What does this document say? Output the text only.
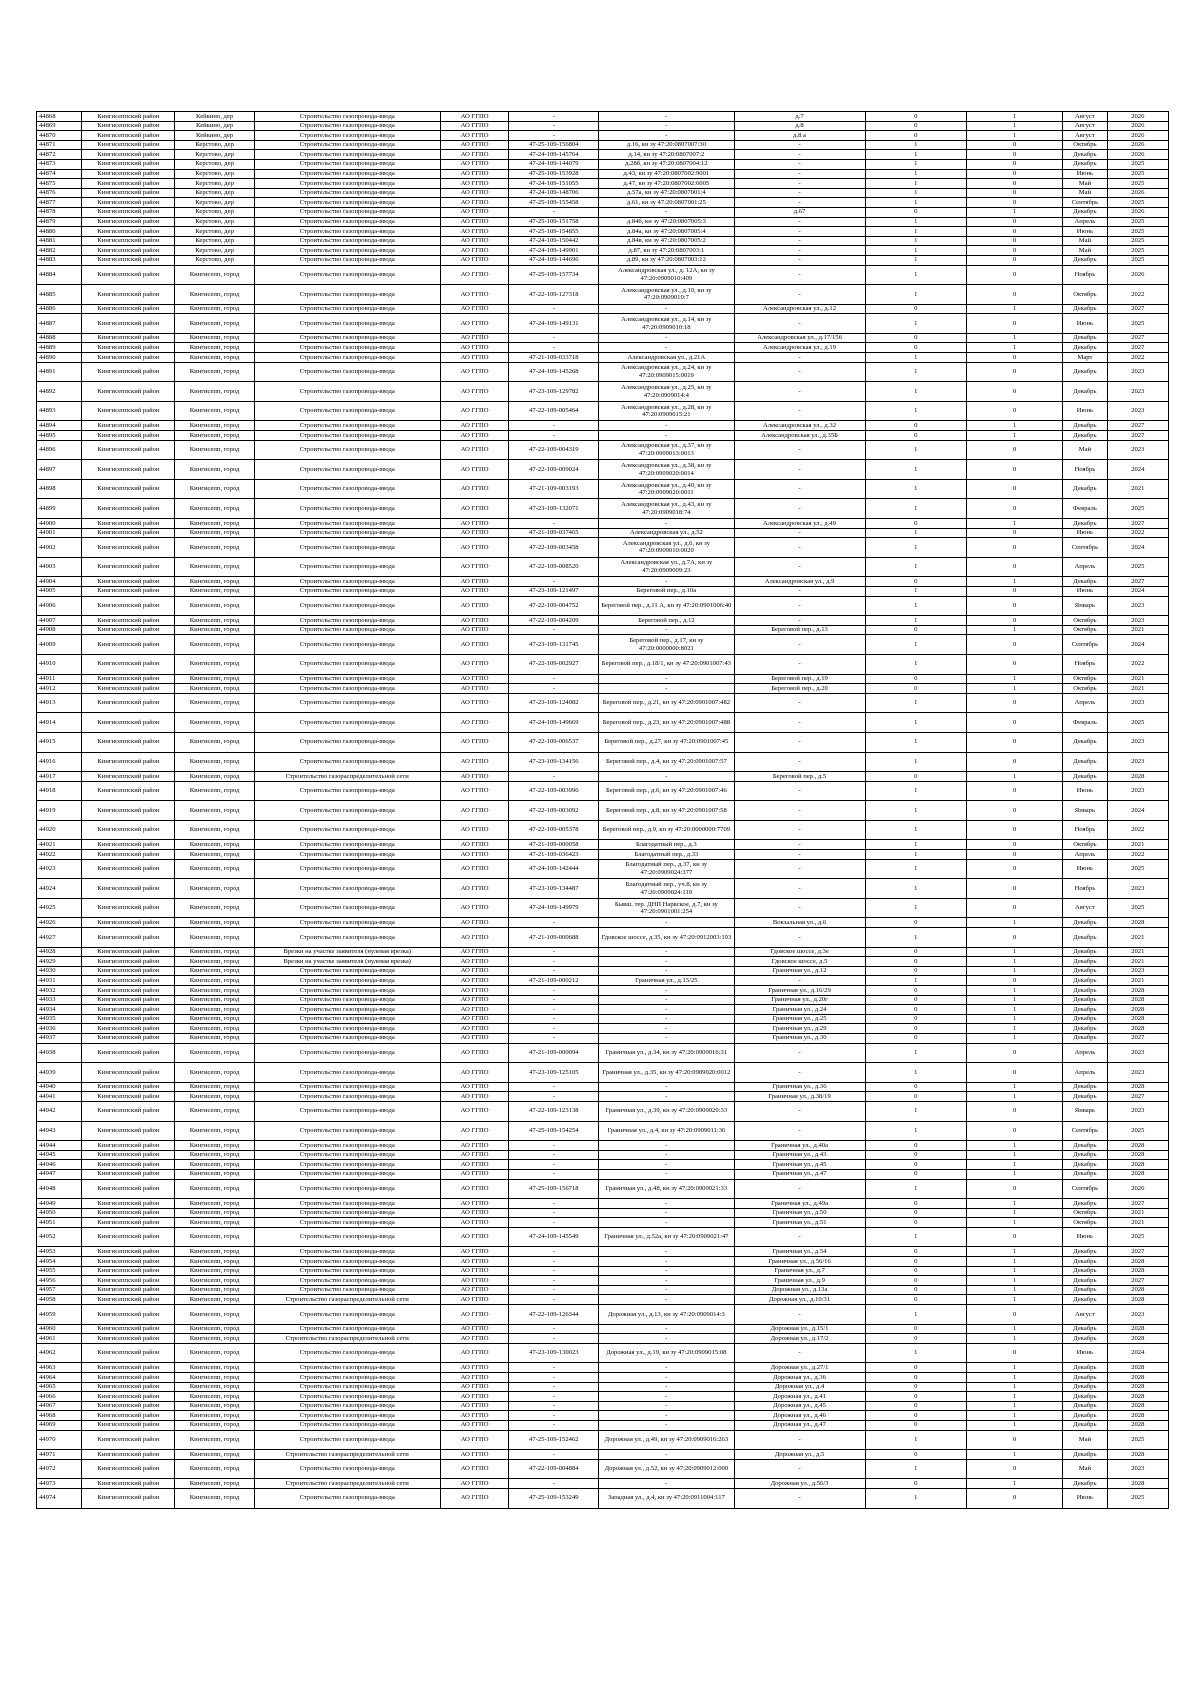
44868	Кингисеппский район	Кейкино, дер	Строительство газопровода-ввода	АО ГГПО	-	-	д.7	0	1	Август	2026
44869	Кингисеппский район	Кейкино, дер	Строительство газопровода-ввода	АО ГГПО	-	-	д.8	0	1	Август	2026
44870	Кингисеппский район	Кейкино, дер	Строительство газопровода-ввода	АО ГГПО	-	-	д.8 а	0	1	Август	2026
44871	Кингисеппский район	Керстово, дер	Строительство газопровода-ввода	АО ГГПО	47-25-109-156804	д.16, кн зу 47:20:0807007:30	-	1	0	Октябрь	2026
44872	Кингисеппский район	Керстово, дер	Строительство газопровода-ввода	АО ГГПО	47-24-109-145764	д.14, кн зу 47:20:0807007:2	-	1	0	Декабрь	2026
44873	Кингисеппский район	Керстово, дер	Строительство газопровода-ввода	АО ГГПО	47-24-109-144079	д.28б, кн зу 47:20:0807004:12	-	1	0	Декабрь	2025
44874	Кингисеппский район	Керстово, дер	Строительство газопровода-ввода	АО ГГПО	47-25-109-153928	д.43, кн зу 47:20:0807002:9001	-	1	0	Июнь	2025
44875	Кингисеппский район	Керстово, дер	Строительство газопровода-ввода	АО ГГПО	47-24-109-151055	д.47, кн зу 47:20:0807002:6005	-	1	0	Май	2025
44876	Кингисеппский район	Керстово, дер	Строительство газопровода-ввода	АО ГГПО	47-24-109-148706	д.57а, кн зу 47:20:0807001:4	-	1	0	Май	2026
44877	Кингисеппский район	Керстово, дер	Строительство газопровода-ввода	АО ГГПО	47-25-109-155458	д.61, кн зу 47:20:0807001:25	-	1	0	Сентябрь	2025
44878	Кингисеппский район	Керстово, дер	Строительство газопровода-ввода	АО ГГПО	-	-	д.67	0	1	Декабрь	2026
44879	Кингисеппский район	Керстово, дер	Строительство газопровода-ввода	АО ГГПО	47-25-109-151758	д.84б, кн зу 47:20:0807005:3	-	1	0	Апрель	2025
44880	Кингисеппский район	Керстово, дер	Строительство газопровода-ввода	АО ГГПО	47-25-109-154855	д.84а, кн зу 47:20:0807005:4	-	1	0	Июнь	2025
44881	Кингисеппский район	Керстово, дер	Строительство газопровода-ввода	АО ГГПО	47-24-109-150442	д.84в, кн зу 47:20:0807005:2	-	1	0	Май	2025
44882	Кингисеппский район	Керстово, дер	Строительство газопровода-ввода	АО ГГПО	47-24-109-149901	д.87, кн зу 47:20:0807003:1	-	1	0	Май	2025
44883	Кингисеппский район	Керстово, дер	Строительство газопровода-ввода	АО ГГПО	47-24-109-144696	д.89, кн зу 47:20:0807003:12	-	1	0	Декабрь	2025
44884	Кингисеппский район	Кингисепп, город	Строительство газопровода-ввода	АО ГГПО	47-25-109-157734	Александровская ул., д. 12А, кн зу 47:20:0909010:409	-	1	0	Ноябрь	2026
44885	Кингисеппский район	Кингисепп, город	Строительство газопровода-ввода	АО ГГПО	47-22-109-127318	Александровская ул., д.10, кн зу 47:20:0909010:7	-	1	0	Октябрь	2022
44886	Кингисеппский район	Кингисепп, город	Строительство газопровода-ввода	АО ГГПО	-	-	Александровская ул., д.12	0	1	Декабрь	2027
44887	Кингисеппский район	Кингисепп, город	Строительство газопровода-ввода	АО ГГПО	47-24-109-149131	Александровская ул., д.14, кн зу 47:20:0909010:18	-	1	0	Июнь	2025
44888	Кингисеппский район	Кингисепп, город	Строительство газопровода-ввода	АО ГГПО	-	-	Александровская ул., д.17/156	0	1	Декабрь	2027
44889	Кингисеппский район	Кингисепп, город	Строительство газопровода-ввода	АО ГГПО	-	-	Александровская ул., д.19	0	1	Декабрь	2027
44890	Кингисеппский район	Кингисепп, город	Строительство газопровода-ввода	АО ГГПО	47-21-109-033718	Александровская ул., д.21А	-	1	0	Март	2022
44891	Кингисеппский район	Кингисепп, город	Строительство газопровода-ввода	АО ГГПО	47-24-109-145268	Александровская ул., д.24, кн зу 47:20:0909015:0019	-	1	0	Декабрь	2023
44892	Кингисеппский район	Кингисепп, город	Строительство газопровода-ввода	АО ГГПО	47-23-109-129782	Александровская ул., д.25, кн зу 47:20:0909014:4	-	1	0	Декабрь	2023
44893	Кингисеппский район	Кингисепп, город	Строительство газопровода-ввода	АО ГГПО	47-22-109-005464	Александровская ул., д.28, кн зу 47:20:0909015:21	-	1	0	Июнь	2023
44894	Кингисеппский район	Кингисепп, город	Строительство газопровода-ввода	АО ГГПО	-	-	Александровская ул., д.32	0	1	Декабрь	2027
44895	Кингисеппский район	Кингисепп, город	Строительство газопровода-ввода	АО ГГПО	-	-	Александровская ул., д.35Б	0	1	Декабрь	2027
44896	Кингисеппский район	Кингисепп, город	Строительство газопровода-ввода	АО ГГПО	47-22-109-004319	Александровская ул., д.37, кн зу 47:20:0909013:0013	-	1	0	Май	2023
44897	Кингисеппский район	Кингисепп, город	Строительство газопровода-ввода	АО ГГПО	47-22-109-009024	Александровская ул., д.38, кн зу 47:20:0909020:0014	-	1	0	Ноябрь	2024
44898	Кингисеппский район	Кингисепп, город	Строительство газопровода-ввода	АО ГГПО	47-21-109-003193	Александровская ул., д.40, кн зу 47:20:0909020:0011	-	1	0	Декабрь	2021
44899	Кингисеппский район	Кингисепп, город	Строительство газопровода-ввода	АО ГГПО	47-23-109-132071	Александровская ул., д.43, кн зу 47:20:0909018:74	-	1	0	Февраль	2025
44900	Кингисеппский район	Кингисепп, город	Строительство газопровода-ввода	АО ГГПО	-	-	Александровская ул., д.49	0	1	Декабрь	2027
44901	Кингисеппский район	Кингисепп, город	Строительство газопровода-ввода	АО ГГПО	47-21-109-037465	Александровская ул., д.52	-	1	0	Июнь	2022
44902	Кингисеппский район	Кингисепп, город	Строительство газопровода-ввода	АО ГГПО	47-22-109-003458	Александровская ул., д.6, кн зу 47:20:0909010:0020	-	1	0	Сентябрь	2024
44903	Кингисеппский район	Кингисепп, город	Строительство газопровода-ввода	АО ГГПО	47-22-109-008520	Александровская ул., д.7А, кн зу 47:20:0909009:23	-	1	0	Апрель	2025
44904	Кингисеппский район	Кингисепп, город	Строительство газопровода-ввода	АО ГГПО	-	-	Александровская ул., д.9	0	1	Декабрь	2027
44905	Кингисеппский район	Кингисепп, город	Строительство газопровода-ввода	АО ГГПО	47-23-109-121497	Береговой пер., д.10а	-	1	0	Июнь	2024
44906	Кингисеппский район	Кингисепп, город	Строительство газопровода-ввода	АО ГГПО	47-22-109-004752	Береговой пер., д.11 А, кн зу 47:20:0901006:40	-	1	0	Январь	2023
44907	Кингисеппский район	Кингисепп, город	Строительство газопровода-ввода	АО ГГПО	47-22-109-004209	Береговой пер., д.12	-	1	0	Октябрь	2023
44908	Кингисеппский район	Кингисепп, город	Строительство газопровода-ввода	АО ГГПО	-	-	Береговой пер., д.13	0	1	Октябрь	2021
44909	Кингисеппский район	Кингисепп, город	Строительство газопровода-ввода	АО ГГПО	47-23-109-131745	Береговой пер., д.17, кн зу 47:20:0000000:8021	-	1	0	Сентябрь	2024
44910	Кингисеппский район	Кингисепп, город	Строительство газопровода-ввода	АО ГГПО	47-22-109-002927	Береговой пер., д.18/1, кн зу 47:20:0901007:43	-	1	0	Ноябрь	2022
44911	Кингисеппский район	Кингисепп, город	Строительство газопровода-ввода	АО ГГПО	-	-	Береговой пер., д.19	0	1	Октябрь	2021
44912	Кингисеппский район	Кингисепп, город	Строительство газопровода-ввода	АО ГГПО	-	-	Береговой пер., д.20	0	1	Октябрь	2021
44913	Кингисеппский район	Кингисепп, город	Строительство газопровода-ввода	АО ГГПО	47-23-109-124082	Береговой пер., д.21, кн зу 47:20:0901007:482	-	1	0	Апрель	2023
44914	Кингисеппский район	Кингисепп, город	Строительство газопровода-ввода	АО ГГПО	47-24-109-149669	Береговой пер., д.23, кн зу 47:20:0901007:488	-	1	0	Февраль	2025
44915	Кингисеппский район	Кингисепп, город	Строительство газопровода-ввода	АО ГГПО	47-22-109-006537	Береговой пер., д.27, кн зу 47:20:0901007:45	-	1	0	Декабрь	2023
44916	Кингисеппский район	Кингисепп, город	Строительство газопровода-ввода	АО ГГПО	47-23-109-134156	Береговой пер., д.4, кн зу 47:20:0901007:57	-	1	0	Декабрь	2023
44917	Кингисеппский район	Кингисепп, город	Строительство газораспределительной сети	АО ГГПО	-	-	Береговой пер., д.5	0	1	Декабрь	2028
44918	Кингисеппский район	Кингисепп, город	Строительство газопровода-ввода	АО ГГПО	47-22-109-003996	Береговой пер., д.6, кн зу 47:20:0901007:46	-	1	0	Июнь	2023
44919	Кингисеппский район	Кингисепп, город	Строительство газопровода-ввода	АО ГГПО	47-22-109-003092	Береговой пер., д.8, кн зу 47:20:0901007:58	-	1	0	Январь	2024
44920	Кингисеппский район	Кингисепп, город	Строительство газопровода-ввода	АО ГГПО	47-22-109-005378	Береговой пер., д.9, кн зу 47:20:0000000:7709	-	1	0	Ноябрь	2022
44921	Кингисеппский район	Кингисепп, город	Строительство газопровода-ввода	АО ГГПО	47-21-109-000058	Благодатный пер., д.3	-	1	0	Октябрь	2021
44922	Кингисеппский район	Кингисепп, город	Строительство газопровода-ввода	АО ГГПО	47-21-109-036423	Благодатный пер., д.33	-	1	0	Апрель	2022
44923	Кингисеппский район	Кингисепп, город	Строительство газопровода-ввода	АО ГГПО	47-24-109-142444	Благодатный пер., д.37, кн зу 47:20:0909024:377	-	1	0	Июнь	2025
44924	Кингисеппский район	Кингисепп, город	Строительство газопровода-ввода	АО ГГПО	47-23-109-134487	Благодатный пер., уч.8, кн зу 47:20:0909024:119	-	1	0	Ноябрь	2023
44925	Кингисеппский район	Кингисепп, город	Строительство газопровода-ввода	АО ГГПО	47-24-109-149979	Бывш. тер. ДНП Нарвское, д.7, кн зу 47:20:0901001:254	-	1	0	Август	2025
44926	Кингисеппский район	Кингисепп, город	Строительство газопровода-ввода	АО ГГПО	-	-	Вокзальная ул., д.6	0	1	Декабрь	2028
44927	Кингисеппский район	Кингисепп, город	Строительство газопровода-ввода	АО ГГПО	47-21-109-000688	Гдовское шоссе, д.35, кн зу 47:20:0912003:103	-	1	0	Декабрь	2021
44928	Кингисеппский район	Кингисепп, город	Врезки на участке заявителя (нулевая врезка)	АО ГГПО	-	-	Гдовское шоссе, д.3е	0	1	Декабрь	2021
44929	Кингисеппский район	Кингисепп, город	Врезки на участке заявителя (нулевая врезка)	АО ГГПО	-	-	Гдовское шоссе, д.5	0	1	Декабрь	2021
44930	Кингисеппский район	Кингисепп, город	Строительство газопровода-ввода	АО ГГПО	-	-	Граничная ул., д.12	0	1	Декабрь	2023
44931	Кингисеппский район	Кингисепп, город	Строительство газопровода-ввода	АО ГГПО	47-21-109-000212	Граничная ул., д.15/25	-	1	0	Декабрь	2021
44932	Кингисеппский район	Кингисепп, город	Строительство газопровода-ввода	АО ГГПО	-	-	Граничная ул., д.16/29	0	1	Декабрь	2028
44933	Кингисеппский район	Кингисепп, город	Строительство газопровода-ввода	АО ГГПО	-	-	Граничная ул., д.20г	0	1	Декабрь	2028
44934	Кингисеппский район	Кингисепп, город	Строительство газопровода-ввода	АО ГГПО	-	-	Граничная ул., д.24	0	1	Декабрь	2028
44935	Кингисеппский район	Кингисепп, город	Строительство газопровода-ввода	АО ГГПО	-	-	Граничная ул., д.25	0	1	Декабрь	2028
44936	Кингисеппский район	Кингисепп, город	Строительство газопровода-ввода	АО ГГПО	-	-	Граничная ул., д.29	0	1	Декабрь	2028
44937	Кингисеппский район	Кингисепп, город	Строительство газопровода-ввода	АО ГГПО	-	-	Граничная ул., д.30	0	1	Декабрь	2027
44938	Кингисеппский район	Кингисепп, город	Строительство газопровода-ввода	АО ГГПО	47-21-109-000094	Граничная ул., д.34, кн зу 47:20:0909016:31	-	1	0	Апрель	2023
44939	Кингисеппский район	Кингисепп, город	Строительство газопровода-ввода	АО ГГПО	47-23-109-125105	Граничная ул., д.35, кн зу 47:20:0909020:0012	-	1	0	Апрель	2023
44940	Кингисеппский район	Кингисепп, город	Строительство газопровода-ввода	АО ГГПО	-	-	Граничная ул., д.36	0	1	Декабрь	2028
44941	Кингисеппский район	Кингисепп, город	Строительство газопровода-ввода	АО ГГПО	-	-	Граничная ул., д.38/19	0	1	Декабрь	2027
44942	Кингисеппский район	Кингисепп, город	Строительство газопровода-ввода	АО ГГПО	47-22-109-123138	Граничная ул., д.39, кн зу 47:20:0909020:33	-	1	0	Январь	2023
44943	Кингисеппский район	Кингисепп, город	Строительство газопровода-ввода	АО ГГПО	47-25-109-154254	Граничная ул., д.4, кн зу 47:20:0909011:36	-	1	0	Сентябрь	2025
44944	Кингисеппский район	Кингисепп, город	Строительство газопровода-ввода	АО ГГПО	-	-	Граничная ул., д.40а	0	1	Декабрь	2028
44945	Кингисеппский район	Кингисепп, город	Строительство газопровода-ввода	АО ГГПО	-	-	Граничная ул., д.43	0	1	Декабрь	2028
44946	Кингисеппский район	Кингисепп, город	Строительство газопровода-ввода	АО ГГПО	-	-	Граничная ул., д.45	0	1	Декабрь	2028
44947	Кингисеппский район	Кингисепп, город	Строительство газопровода-ввода	АО ГГПО	-	-	Граничная ул., д.47	0	1	Декабрь	2028
44948	Кингисеппский район	Кингисепп, город	Строительство газопровода-ввода	АО ГГПО	47-25-109-156718	Граничная ул., д.48, кн зу 47:20:0909021:33	-	1	0	Сентябрь	2026
44949	Кингисеппский район	Кингисепп, город	Строительство газопровода-ввода	АО ГГПО	-	-	Граничная ул., д.49а	0	1	Декабрь	2027
44950	Кингисеппский район	Кингисепп, город	Строительство газопровода-ввода	АО ГГПО	-	-	Граничная ул., д.50	0	1	Октябрь	2021
44951	Кингисеппский район	Кингисепп, город	Строительство газопровода-ввода	АО ГГПО	-	-	Граничная ул., д.51	0	1	Октябрь	2021
44952	Кингисеппский район	Кингисепп, город	Строительство газопровода-ввода	АО ГГПО	47-24-109-145549	Граничная ул., д.52а, кн зу 47:20:0909021:47	-	1	0	Июнь	2025
44953	Кингисеппский район	Кингисепп, город	Строительство газопровода-ввода	АО ГГПО	-	-	Граничная ул., д.54	0	1	Декабрь	2027
44954	Кингисеппский район	Кингисепп, город	Строительство газопровода-ввода	АО ГГПО	-	-	Граничная ул., д.56/16	0	1	Декабрь	2028
44955	Кингисеппский район	Кингисепп, город	Строительство газопровода-ввода	АО ГГПО	-	-	Граничная ул., д.7	0	1	Декабрь	2028
44956	Кингисеппский район	Кингисепп, город	Строительство газопровода-ввода	АО ГГПО	-	-	Граничная ул., д.9	0	1	Декабрь	2027
44957	Кингисеппский район	Кингисепп, город	Строительство газопровода-ввода	АО ГГПО	-	-	Дорожная ул., д.13а	0	1	Декабрь	2028
44958	Кингисеппский район	Кингисепп, город	Строительство газораспределительной сети	АО ГГПО	-	-	Дорожная ул., д.10/31	0	1	Декабрь	2028
44959	Кингисеппский район	Кингисепп, город	Строительство газопровода-ввода	АО ГГПО	47-22-109-126344	Дорожная ул., д.13, кн зу 47:20:0909014:3	-	1	0	Август	2023
44960	Кингисеппский район	Кингисепп, город	Строительство газопровода-ввода	АО ГГПО	-	-	Дорожная ул., д.15/1	0	1	Декабрь	2028
44961	Кингисеппский район	Кингисепп, город	Строительство газораспределительной сети	АО ГГПО	-	-	Дорожная ул., д.17/2	0	1	Декабрь	2028
44962	Кингисеппский район	Кингисепп, город	Строительство газопровода-ввода	АО ГГПО	47-23-109-130023	Дорожная ул., д.19, кн зу 47:20:0909015:08	-	1	0	Июнь	2024
44963	Кингисеппский район	Кингисепп, город	Строительство газопровода-ввода	АО ГГПО	-	-	Дорожная ул., д.27/1	0	1	Декабрь	2028
44964	Кингисеппский район	Кингисепп, город	Строительство газопровода-ввода	АО ГГПО	-	-	Дорожная ул., д.36	0	1	Декабрь	2028
44965	Кингисеппский район	Кингисепп, город	Строительство газопровода-ввода	АО ГГПО	-	-	Дорожная ул., д.4	0	1	Декабрь	2028
44966	Кингисеппский район	Кингисепп, город	Строительство газопровода-ввода	АО ГГПО	-	-	Дорожная ул., д.41	0	1	Декабрь	2028
44967	Кингисеппский район	Кингисепп, город	Строительство газопровода-ввода	АО ГГПО	-	-	Дорожная ул., д.45	0	1	Декабрь	2028
44968	Кингисеппский район	Кингисепп, город	Строительство газопровода-ввода	АО ГГПО	-	-	Дорожная ул., д.46	0	1	Декабрь	2028
44969	Кингисеппский район	Кингисепп, город	Строительство газопровода-ввода	АО ГГПО	-	-	Дорожная ул., д.47	0	1	Декабрь	2028
44970	Кингисеппский район	Кингисепп, город	Строительство газопровода-ввода	АО ГГПО	47-25-109-152462	Дорожная ул., д.49, кн зу 47:20:0909016:263	-	1	0	Май	2025
44971	Кингисеппский район	Кингисепп, город	Строительство газораспределительной сети	АО ГГПО	-	-	Дорожная ул., д.5	0	1	Декабрь	2028
44972	Кингисеппский район	Кингисепп, город	Строительство газопровода-ввода	АО ГГПО	47-22-109-004884	Дорожная ул., д.52, кн зу 47:20:0909012:000	-	1	0	Май	2023
44973	Кингисеппский район	Кингисепп, город	Строительство газораспределительной сети	АО ГГПО	-	-	Дорожная ул., д.56/3	0	1	Декабрь	2028
44974	Кингисеппский район	Кингисепп, город	Строительство газопровода-ввода	АО ГГПО	47-25-109-153249	Западная ул., д.4, кн зу 47:20:0911004:117	-	1	0	Июнь	2025
